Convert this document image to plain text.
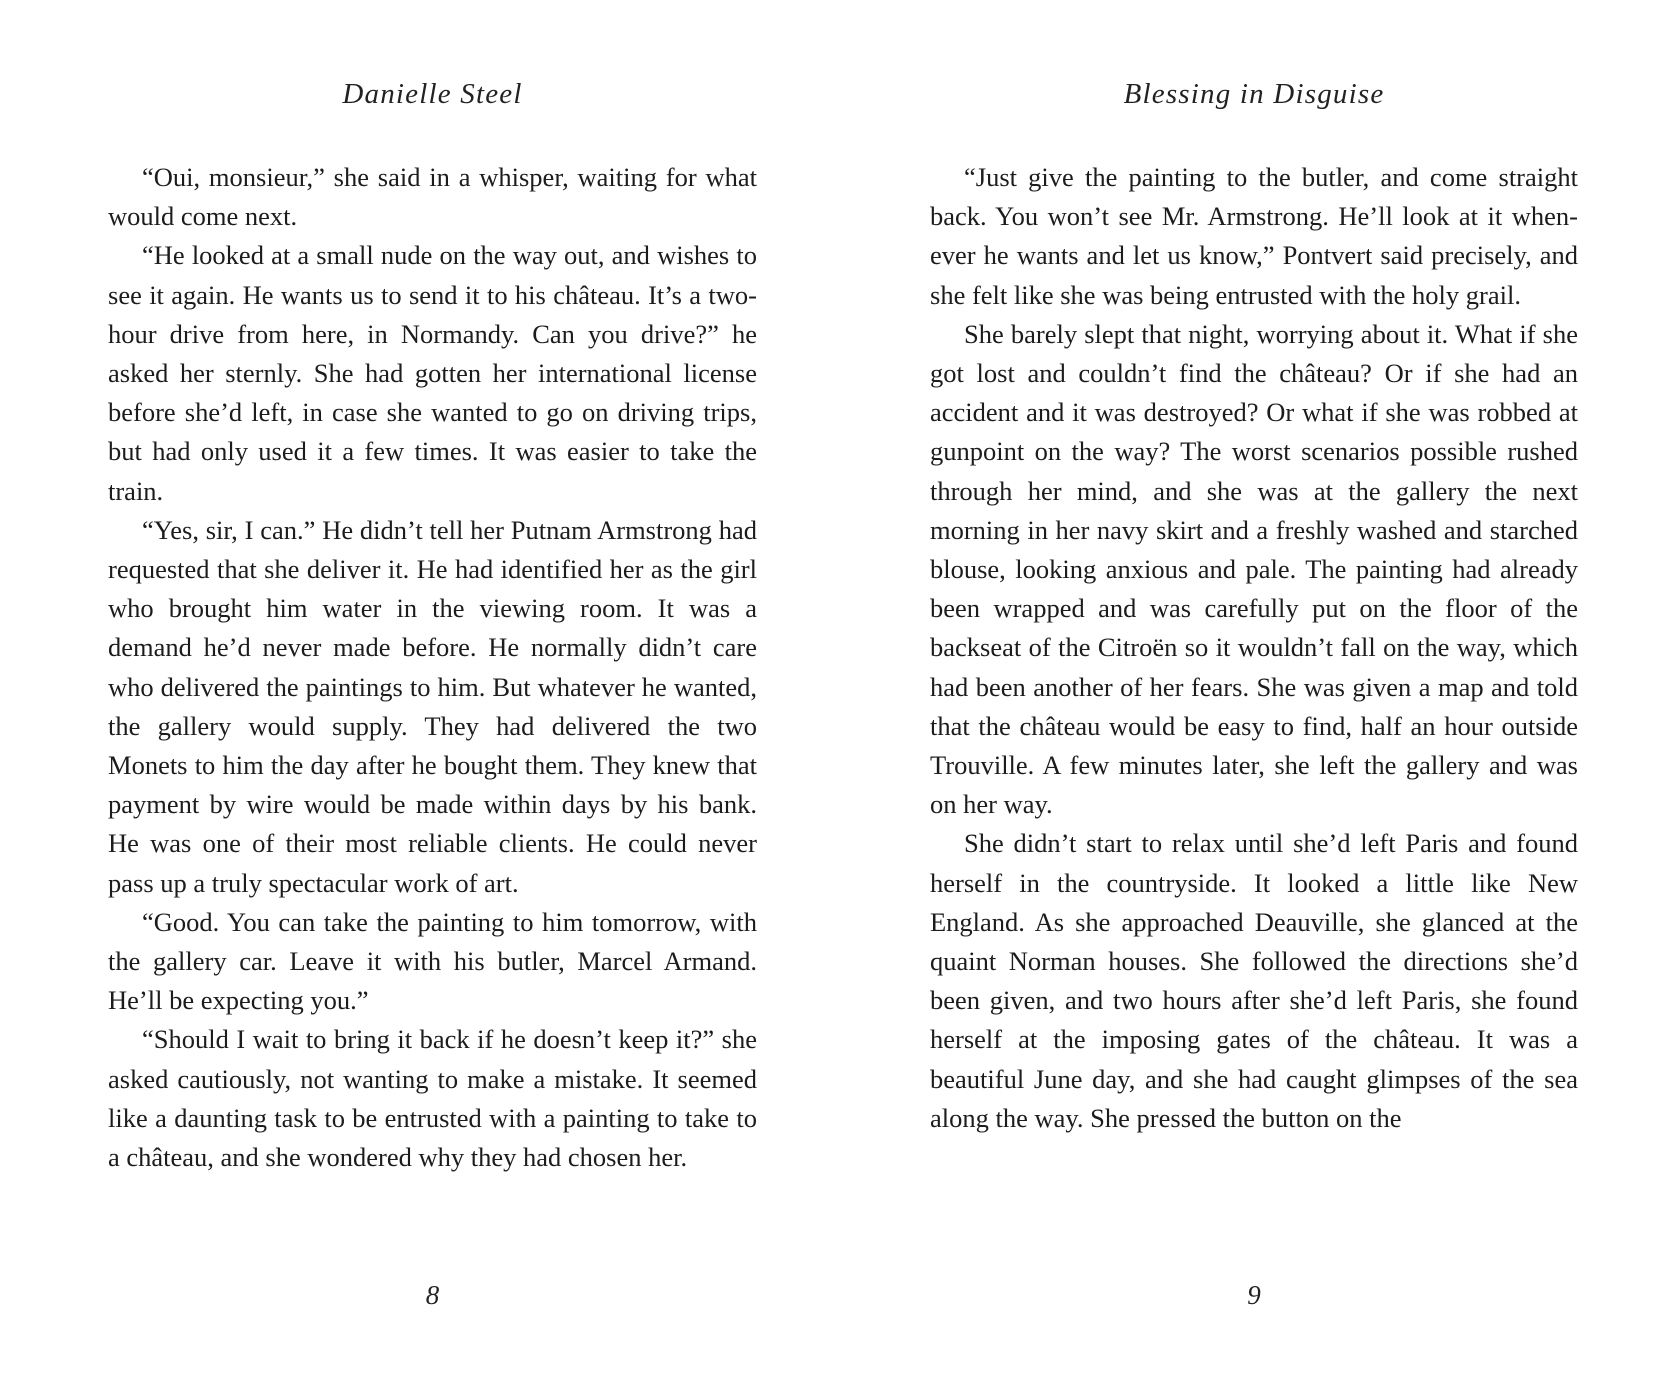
Danielle Steel

“Oui, monsieur,” she said in a whisper, waiting for what would come next.

“He looked at a small nude on the way out, and wishes to see it again. He wants us to send it to his château. It’s a two-hour drive from here, in Normandy. Can you drive?” he asked her sternly. She had gotten her international license before she’d left, in case she wanted to go on driving trips, but had only used it a few times. It was easier to take the train.

“Yes, sir, I can.” He didn’t tell her Putnam Armstrong had requested that she deliver it. He had identified her as the girl who brought him water in the viewing room. It was a demand he’d never made before. He normally didn’t care who delivered the paintings to him. But whatever he wanted, the gallery would supply. They had delivered the two Monets to him the day after he bought them. They knew that payment by wire would be made within days by his bank. He was one of their most reliable clients. He could never pass up a truly spectacular work of art.

“Good. You can take the painting to him tomorrow, with the gallery car. Leave it with his butler, Marcel Armand. He’ll be expecting you.”

“Should I wait to bring it back if he doesn’t keep it?” she asked cautiously, not wanting to make a mistake. It seemed like a daunting task to be entrusted with a painting to take to a château, and she wondered why they had chosen her.

8
Blessing in Disguise

“Just give the painting to the butler, and come straight back. You won’t see Mr. Armstrong. He’ll look at it whenever he wants and let us know,” Pontvert said precisely, and she felt like she was being entrusted with the holy grail.

She barely slept that night, worrying about it. What if she got lost and couldn’t find the château? Or if she had an accident and it was destroyed? Or what if she was robbed at gunpoint on the way? The worst scenarios possible rushed through her mind, and she was at the gallery the next morning in her navy skirt and a freshly washed and starched blouse, looking anxious and pale. The painting had already been wrapped and was carefully put on the floor of the backseat of the Citroën so it wouldn’t fall on the way, which had been another of her fears. She was given a map and told that the château would be easy to find, half an hour outside Trouville. A few minutes later, she left the gallery and was on her way.

She didn’t start to relax until she’d left Paris and found herself in the countryside. It looked a little like New England. As she approached Deauville, she glanced at the quaint Norman houses. She followed the directions she’d been given, and two hours after she’d left Paris, she found herself at the imposing gates of the château. It was a beautiful June day, and she had caught glimpses of the sea along the way. She pressed the button on the

9
